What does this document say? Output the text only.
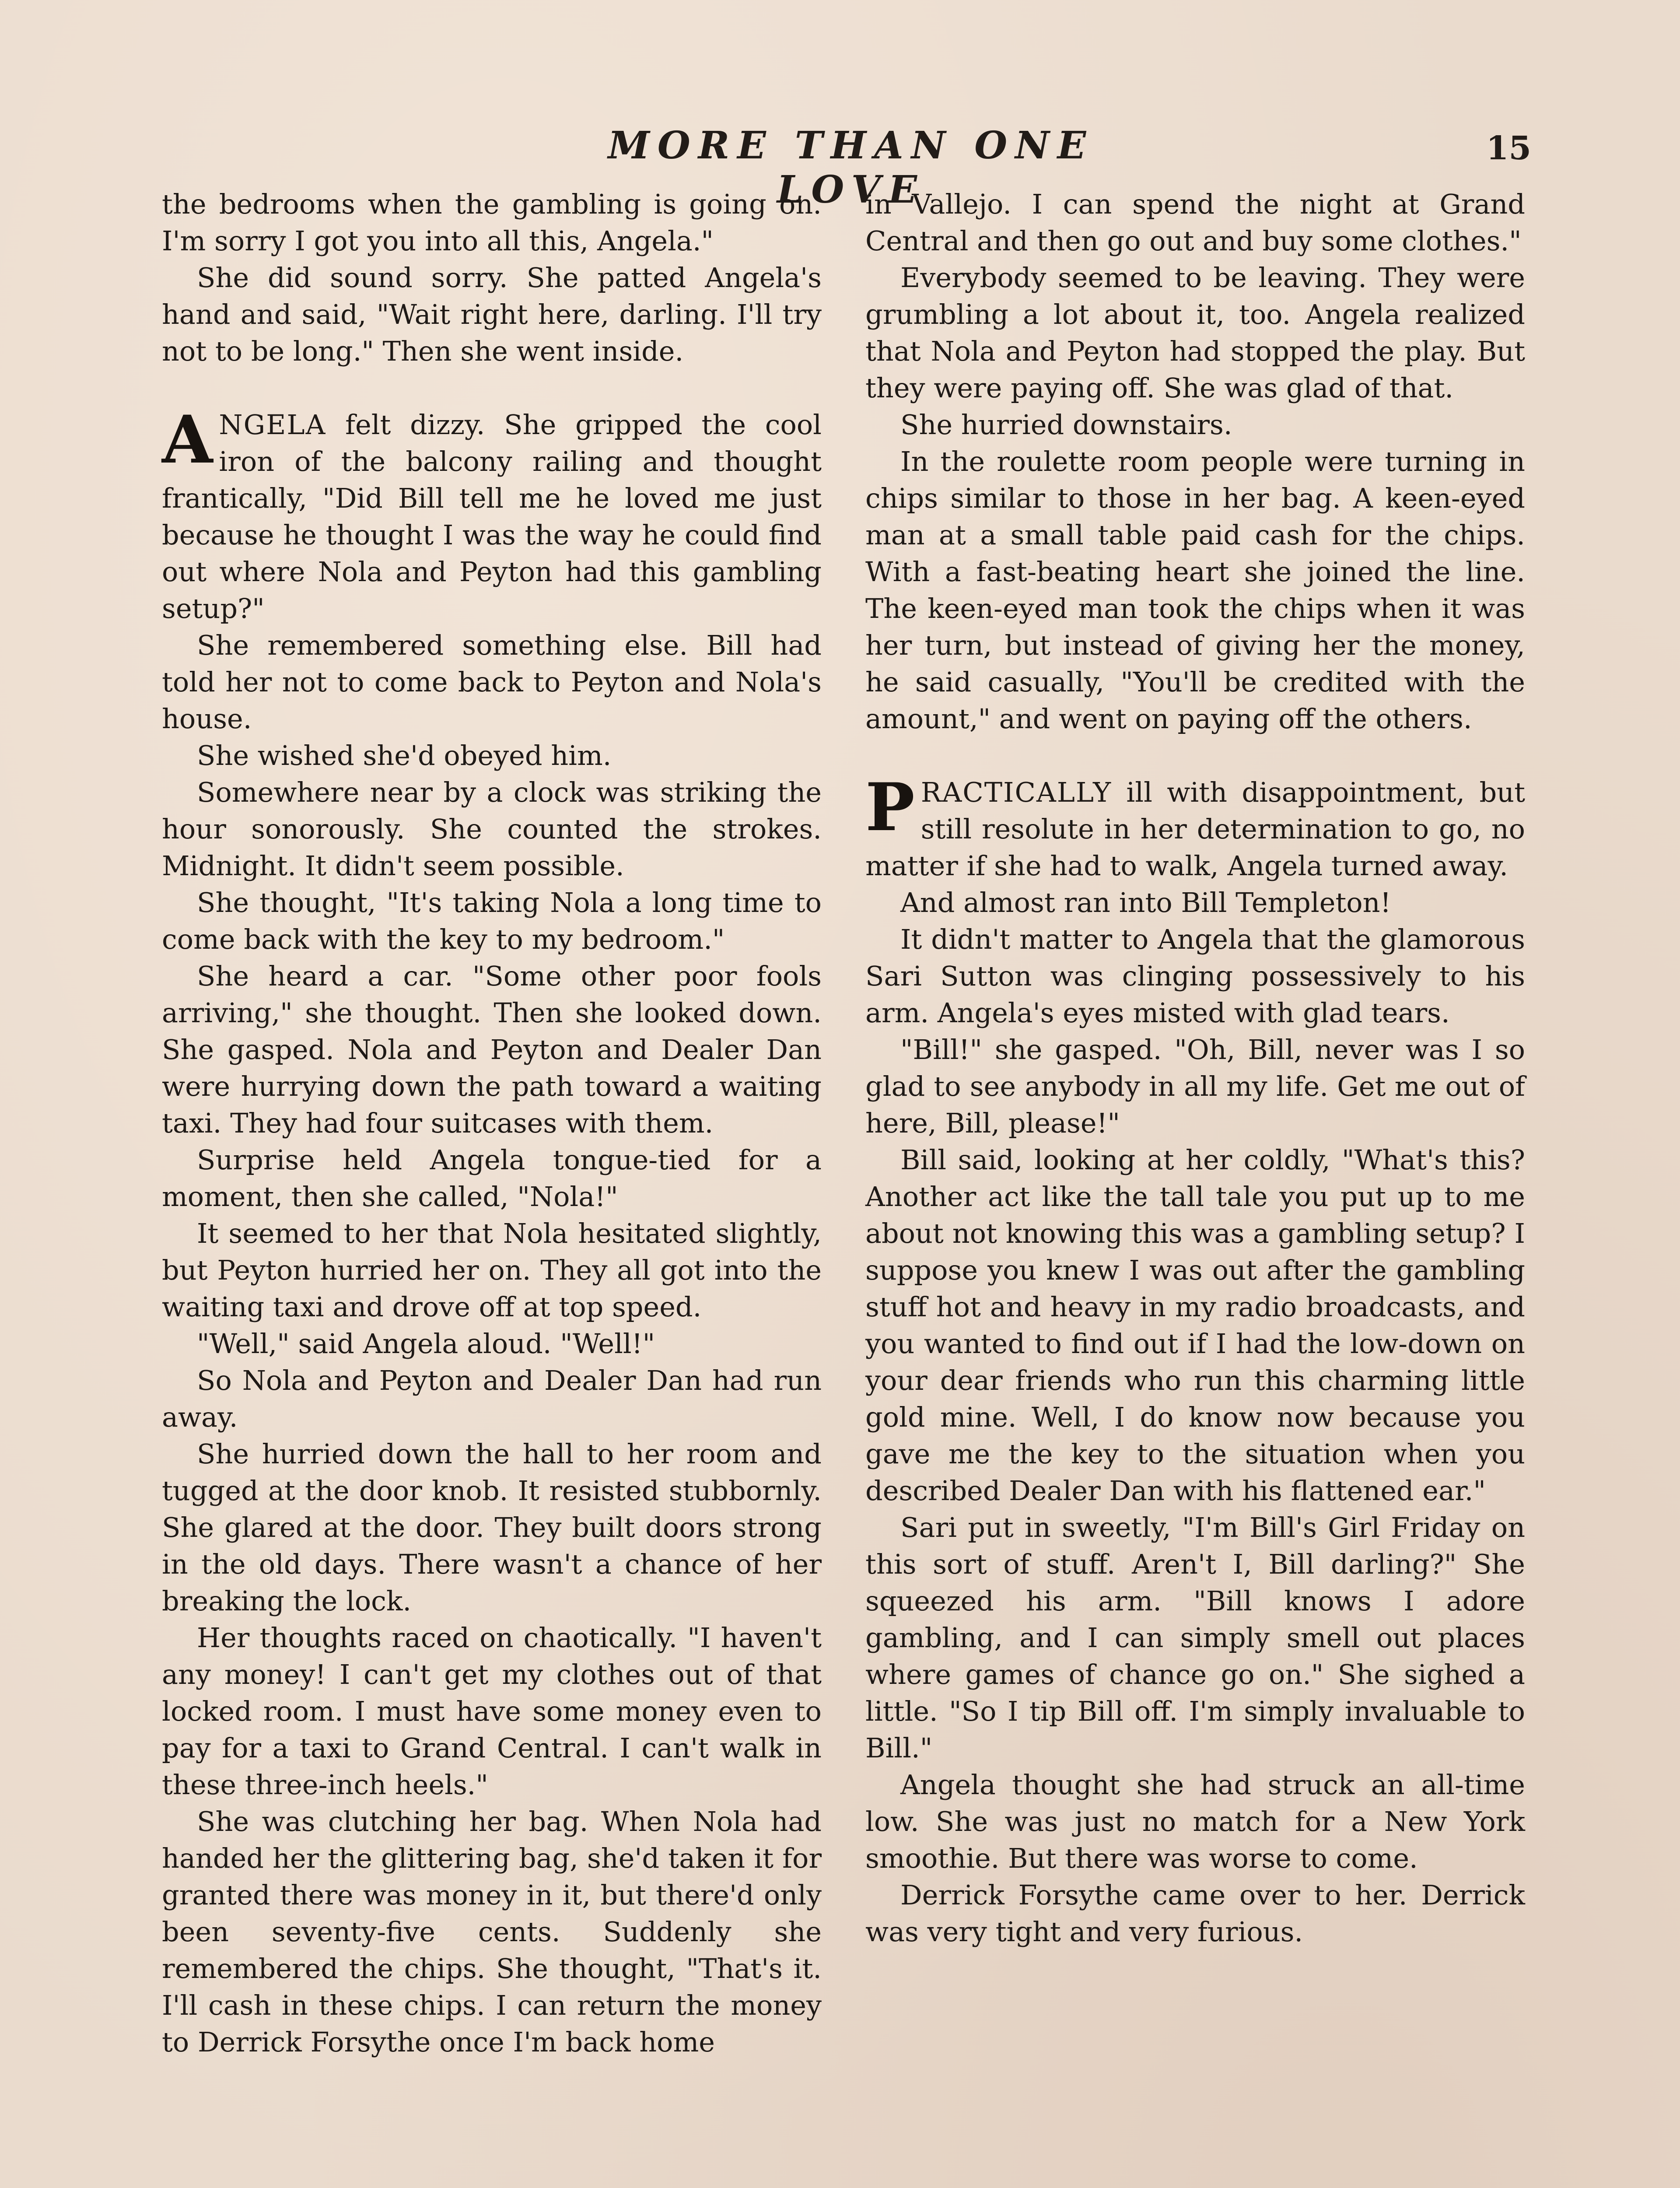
MORE THAN ONE LOVE
15

the bedrooms when the gambling is going on. I'm sorry I got you into all this, Angela."

She did sound sorry. She patted Angela's hand and said, "Wait right here, darling. I'll try not to be long." Then she went inside.

ANGELA felt dizzy. She gripped the cool iron of the balcony railing and thought frantically, "Did Bill tell me he loved me just because he thought I was the way he could find out where Nola and Peyton had this gambling setup?"

She remembered something else. Bill had told her not to come back to Peyton and Nola's house.

She wished she'd obeyed him.

Somewhere near by a clock was striking the hour sonorously. She counted the strokes. Midnight. It didn't seem possible.

She thought, "It's taking Nola a long time to come back with the key to my bedroom."

She heard a car. "Some other poor fools arriving," she thought. Then she looked down. She gasped. Nola and Peyton and Dealer Dan were hurrying down the path toward a waiting taxi. They had four suitcases with them.

Surprise held Angela tongue-tied for a moment, then she called, "Nola!"

It seemed to her that Nola hesitated slightly, but Peyton hurried her on. They all got into the waiting taxi and drove off at top speed.

"Well," said Angela aloud. "Well!"

So Nola and Peyton and Dealer Dan had run away.

She hurried down the hall to her room and tugged at the door knob. It resisted stubbornly. She glared at the door. They built doors strong in the old days. There wasn't a chance of her breaking the lock.

Her thoughts raced on chaotically. "I haven't any money! I can't get my clothes out of that locked room. I must have some money even to pay for a taxi to Grand Central. I can't walk in these three-inch heels."

She was clutching her bag. When Nola had handed her the glittering bag, she'd taken it for granted there was money in it, but there'd only been seventy-five cents. Suddenly she remembered the chips. She thought, "That's it. I'll cash in these chips. I can return the money to Derrick Forsythe once I'm back home

in Vallejo. I can spend the night at Grand Central and then go out and buy some clothes."

Everybody seemed to be leaving. They were grumbling a lot about it, too. Angela realized that Nola and Peyton had stopped the play. But they were paying off. She was glad of that.

She hurried downstairs.

In the roulette room people were turning in chips similar to those in her bag. A keen-eyed man at a small table paid cash for the chips. With a fast-beating heart she joined the line. The keen-eyed man took the chips when it was her turn, but instead of giving her the money, he said casually, "You'll be credited with the amount," and went on paying off the others.

PRACTICALLY ill with disappointment, but still resolute in her determination to go, no matter if she had to walk, Angela turned away.

And almost ran into Bill Templeton!

It didn't matter to Angela that the glamorous Sari Sutton was clinging possessively to his arm. Angela's eyes misted with glad tears.

"Bill!" she gasped. "Oh, Bill, never was I so glad to see anybody in all my life. Get me out of here, Bill, please!"

Bill said, looking at her coldly, "What's this? Another act like the tall tale you put up to me about not knowing this was a gambling setup? I suppose you knew I was out after the gambling stuff hot and heavy in my radio broadcasts, and you wanted to find out if I had the low-down on your dear friends who run this charming little gold mine. Well, I do know now because you gave me the key to the situation when you described Dealer Dan with his flattened ear."

Sari put in sweetly, "I'm Bill's Girl Friday on this sort of stuff. Aren't I, Bill darling?" She squeezed his arm. "Bill knows I adore gambling, and I can simply smell out places where games of chance go on." She sighed a little. "So I tip Bill off. I'm simply invaluable to Bill."

Angela thought she had struck an all-time low. She was just no match for a New York smoothie. But there was worse to come.

Derrick Forsythe came over to her. Derrick was very tight and very furious.
